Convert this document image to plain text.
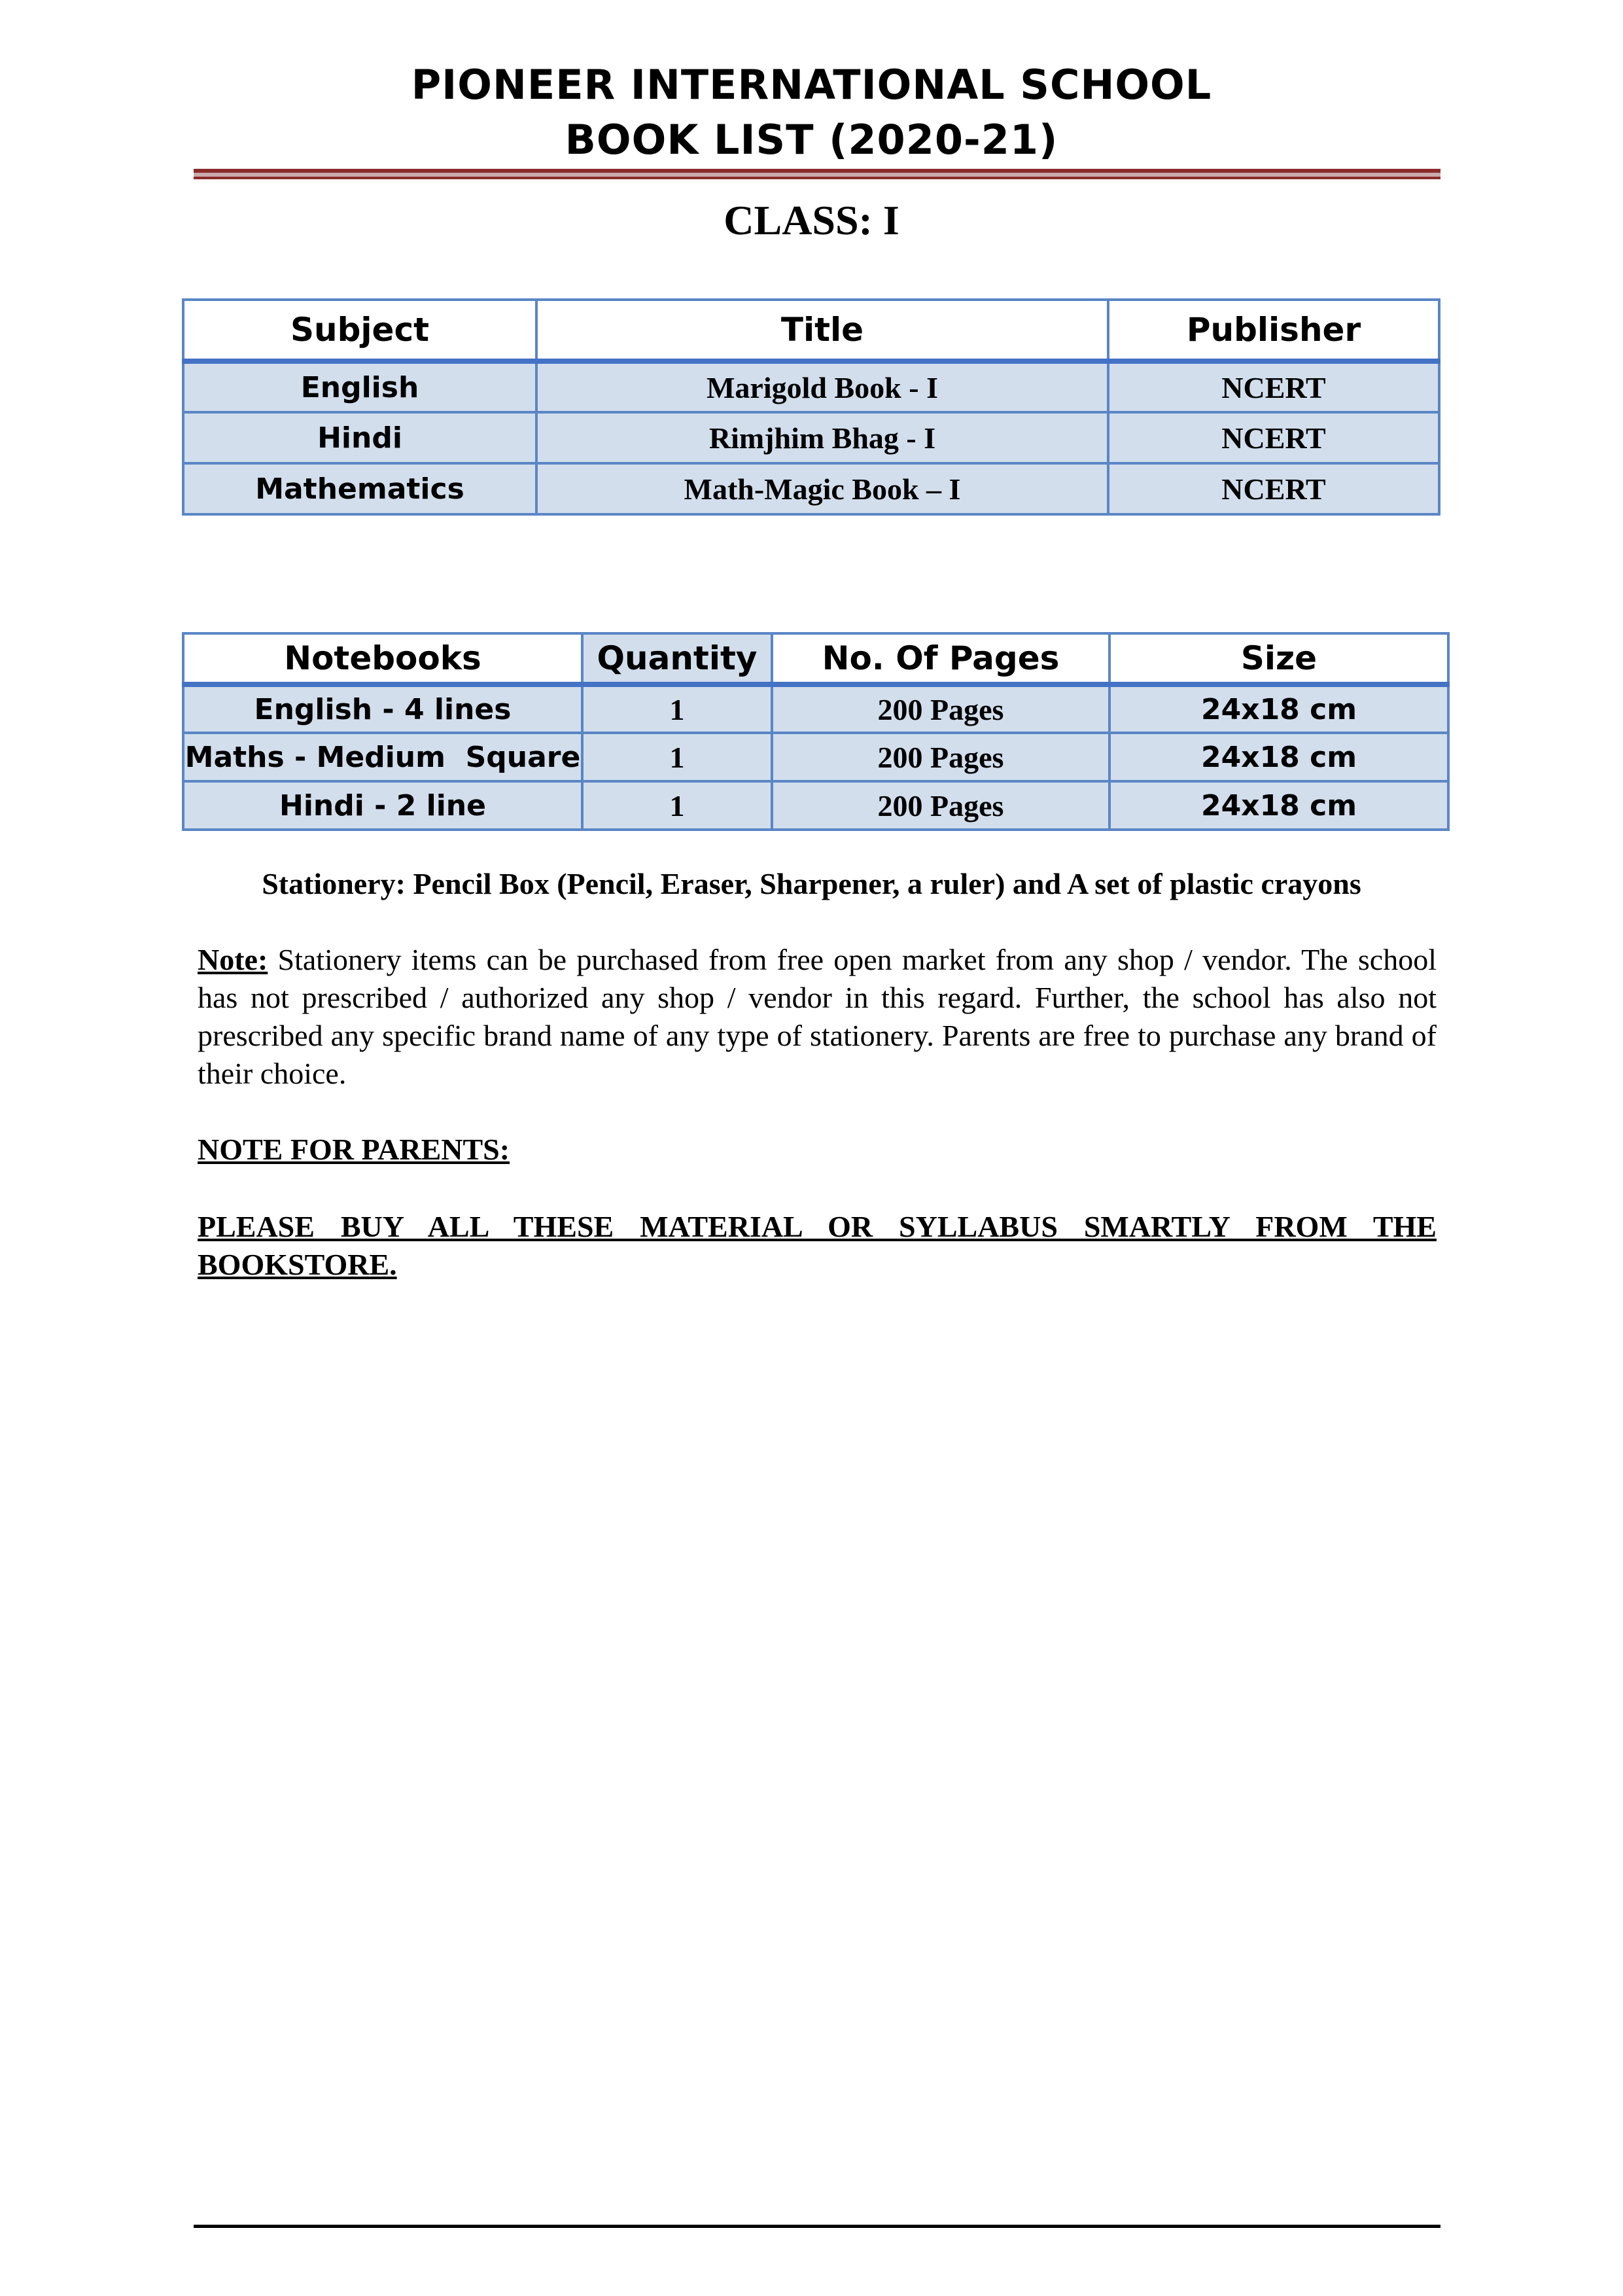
PIONEER INTERNATIONAL SCHOOL
BOOK LIST (2020-21)
CLASS: I
Subject	Title	Publisher
English	Marigold Book - I	NCERT
Hindi	Rimjhim Bhag - I	NCERT
Mathematics	Math-Magic Book – I	NCERT
Notebooks	Quantity	No. Of Pages	Size
English - 4 lines	1	200 Pages	24x18 cm
Maths - Medium  Square	1	200 Pages	24x18 cm
Hindi - 2 line	1	200 Pages	24x18 cm
Stationery: Pencil Box (Pencil, Eraser, Sharpener, a ruler) and A set of plastic crayons

Note: Stationery items can be purchased from free open market from any shop / vendor. The school has not prescribed / authorized any shop / vendor in this regard. Further, the school has also not prescribed any specific brand name of any type of stationery. Parents are free to purchase any brand of their choice.

NOTE FOR PARENTS:

PLEASE BUY ALL THESE MATERIAL OR SYLLABUS SMARTLY FROM THE BOOKSTORE.
